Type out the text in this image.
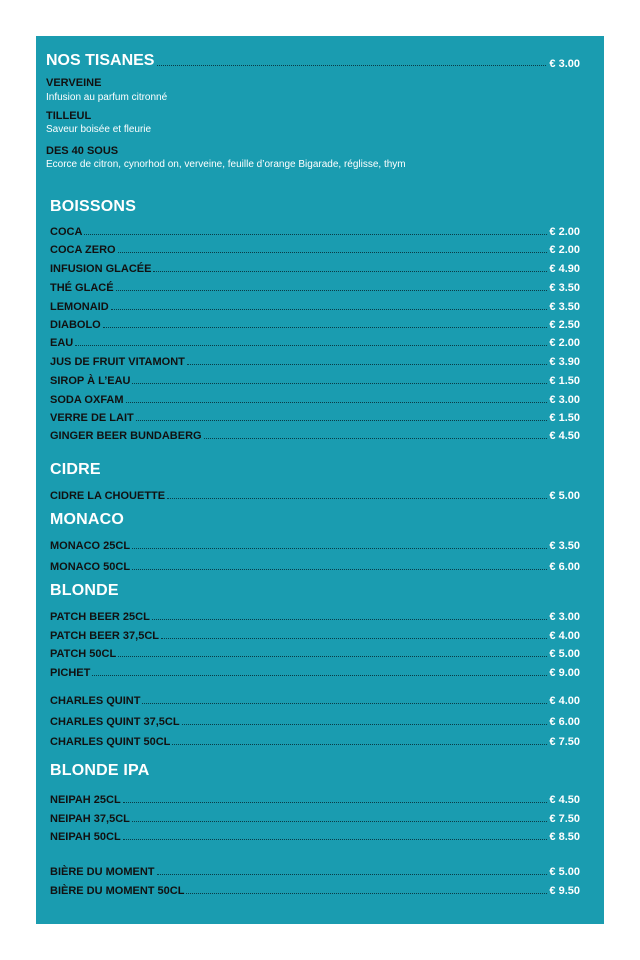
NOS TISANES	€ 3.00
VERVEINE
Infusion au parfum citronné
TILLEUL
Saveur boisée et fleurie
DES 40 SOUS
Ecorce de citron, cynorhod on, verveine, feuille d’orange Bigarade, réglisse, thym
BOISSONS
COCA	€ 2.00
COCA ZERO	€ 2.00
INFUSION GLACÉE	€ 4.90
THÉ GLACÉ	€ 3.50
LEMONAID	€ 3.50
DIABOLO	€ 2.50
EAU	€ 2.00
JUS DE FRUIT VITAMONT	€ 3.90
SIROP À L’EAU	€ 1.50
SODA OXFAM	€ 3.00
VERRE DE LAIT	€ 1.50
GINGER BEER BUNDABERG	€ 4.50
CIDRE
CIDRE LA CHOUETTE	€ 5.00
MONACO
MONACO 25CL	€ 3.50
MONACO 50CL	€ 6.00
BLONDE
PATCH BEER 25CL	€ 3.00
PATCH BEER 37,5CL	€ 4.00
PATCH 50CL	€ 5.00
PICHET	€ 9.00
CHARLES QUINT	€ 4.00
CHARLES QUINT 37,5CL	€ 6.00
CHARLES QUINT 50CL	€ 7.50
BLONDE IPA
NEIPAH 25CL	€ 4.50
NEIPAH 37,5CL	€ 7.50
NEIPAH 50CL	€ 8.50
BIÈRE DU MOMENT	€ 5.00
BIÈRE DU MOMENT 50CL	€ 9.50
